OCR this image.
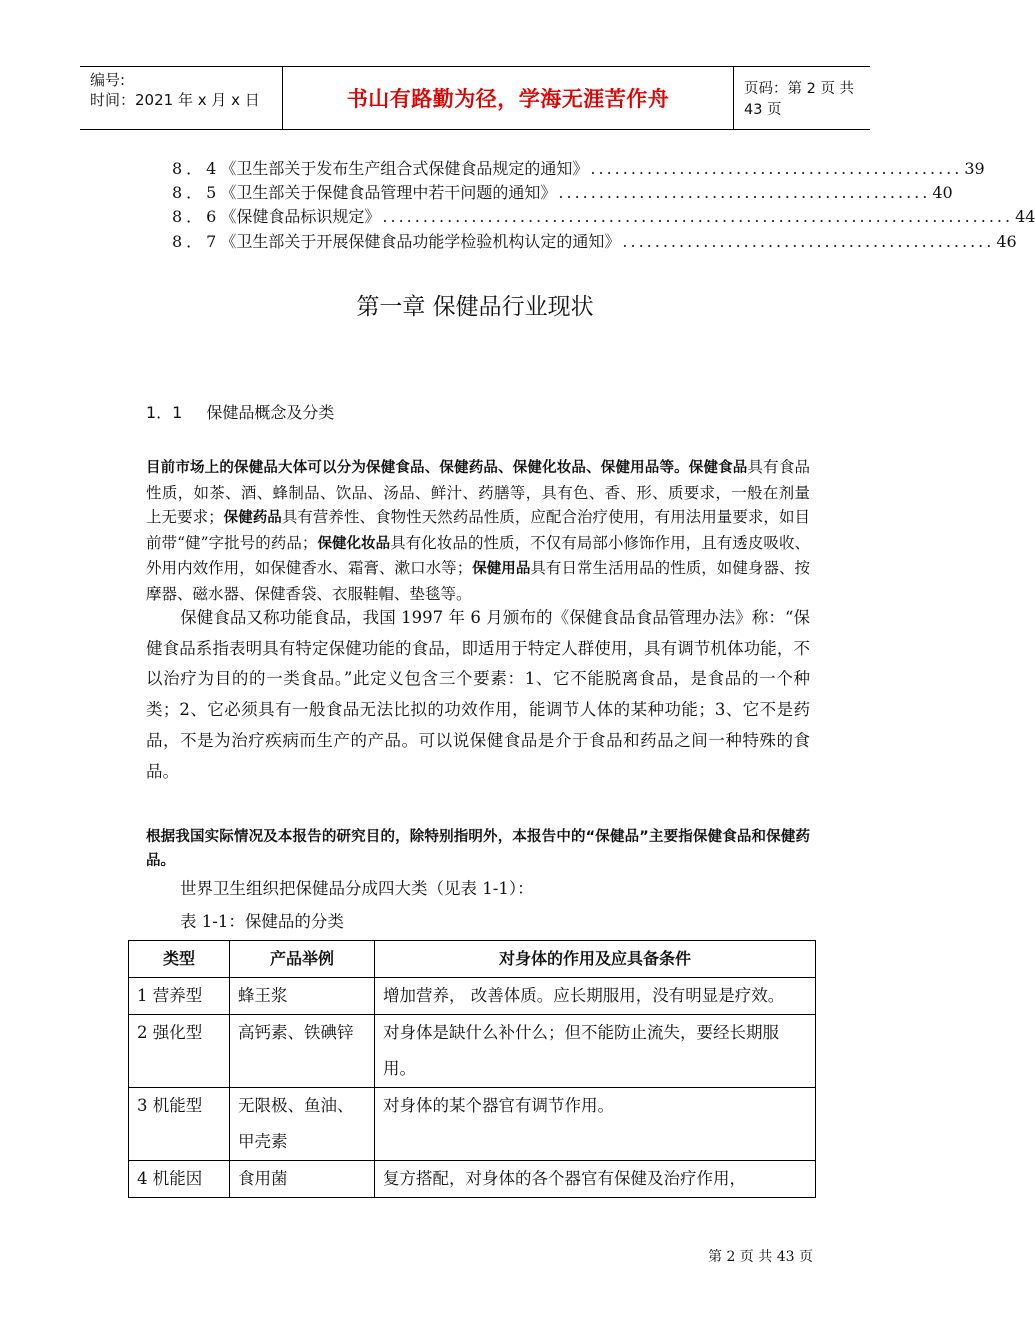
编号:
时间：2021 年 x 月 x 日	书山有路勤为径，学海无涯苦作舟	页码：第 2 页 共 43 页
8．4 《卫生部关于发布生产组合式保健食品规定的通知》 .............................................. 39
8．5 《卫生部关于保健食品管理中若干问题的通知》 .............................................. 40
8．6 《保健食品标识规定》 .............................................................................. 44
8．7 《卫生部关于开展保健食品功能学检验机构认定的通知》 .............................................. 46
第一章 保健品行业现状
1．1 保健品概念及分类
目前市场上的保健品大体可以分为保健食品、保健药品、保健化妆品、保健用品等。保健食品具有食品性质，如茶、酒、蜂制品、饮品、汤品、鲜汁、药膳等，具有色、香、形、质要求，一般在剂量上无要求；保健药品具有营养性、食物性天然药品性质，应配合治疗使用，有用法用量要求，如目前带“健”字批号的药品；保健化妆品具有化妆品的性质，不仅有局部小修饰作用，且有透皮吸收、外用内效作用，如保健香水、霜膏、漱口水等；保健用品具有日常生活用品的性质，如健身器、按摩器、磁水器、保健香袋、衣服鞋帽、垫毯等。
保健食品又称功能食品，我国 1997 年 6 月颁布的《保健食品食品管理办法》称：“保健食品系指表明具有特定保健功能的食品，即适用于特定人群使用，具有调节机体功能，不以治疗为目的的一类食品。”此定义包含三个要素：1、它不能脱离食品，是食品的一个种类；2、它必须具有一般食品无法比拟的功效作用，能调节人体的某种功能；3、它不是药品，不是为治疗疾病而生产的产品。可以说保健食品是介于食品和药品之间一种特殊的食品。
根据我国实际情况及本报告的研究目的，除特别指明外，本报告中的“保健品”主要指保健食品和保健药品。
世界卫生组织把保健品分成四大类（见表 1-1）：
表 1-1：保健品的分类
类型	产品举例	对身体的作用及应具备条件
1 营养型	蜂王浆	增加营养， 改善体质。应长期服用，没有明显是疗效。
2 强化型	高钙素、铁碘锌	对身体是缺什么补什么；但不能防止流失，要经长期服用。
3 机能型	无限极、鱼油、甲壳素	对身体的某个器官有调节作用。
4 机能因	食用菌	复方搭配，对身体的各个器官有保健及治疗作用，
第 2 页 共 43 页
